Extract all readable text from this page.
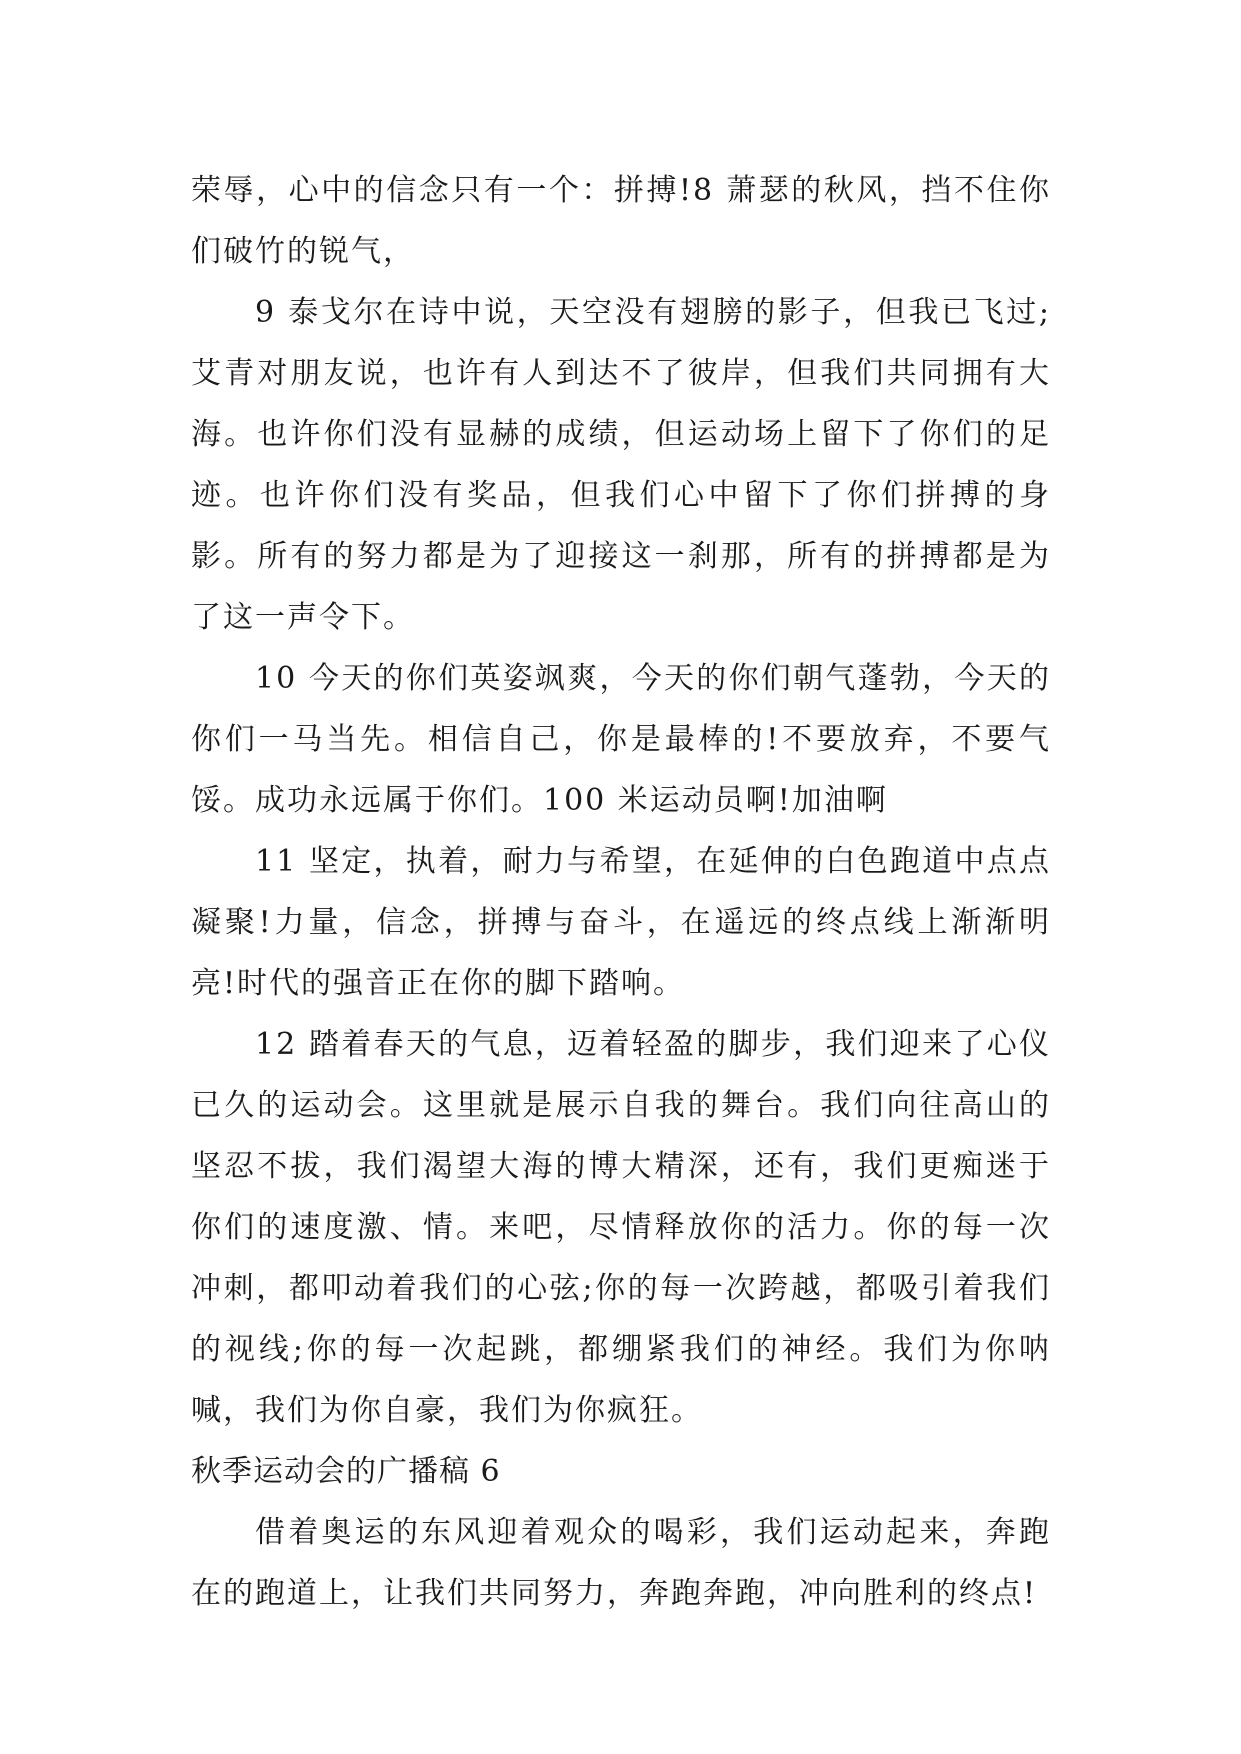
荣辱，心中的信念只有一个：拼搏!8 萧瑟的秋风，挡不住你们破竹的锐气，

9 泰戈尔在诗中说，天空没有翅膀的影子，但我已飞过;艾青对朋友说，也许有人到达不了彼岸，但我们共同拥有大海。也许你们没有显赫的成绩，但运动场上留下了你们的足迹。也许你们没有奖品，但我们心中留下了你们拼搏的身影。所有的努力都是为了迎接这一刹那，所有的拼搏都是为了这一声令下。

10 今天的你们英姿飒爽，今天的你们朝气蓬勃，今天的你们一马当先。相信自己，你是最棒的!不要放弃，不要气馁。成功永远属于你们。100 米运动员啊!加油啊

11 坚定，执着，耐力与希望，在延伸的白色跑道中点点凝聚!力量，信念，拼搏与奋斗，在遥远的终点线上渐渐明亮!时代的强音正在你的脚下踏响。

12 踏着春天的气息，迈着轻盈的脚步，我们迎来了心仪已久的运动会。这里就是展示自我的舞台。我们向往高山的坚忍不拔，我们渴望大海的博大精深，还有，我们更痴迷于你们的速度激、情。来吧，尽情释放你的活力。你的每一次冲刺，都叩动着我们的心弦;你的每一次跨越，都吸引着我们的视线;你的每一次起跳，都绷紧我们的神经。我们为你呐喊，我们为你自豪，我们为你疯狂。

秋季运动会的广播稿 6

借着奥运的东风迎着观众的喝彩，我们运动起来，奔跑在的跑道上，让我们共同努力，奔跑奔跑，冲向胜利的终点!
